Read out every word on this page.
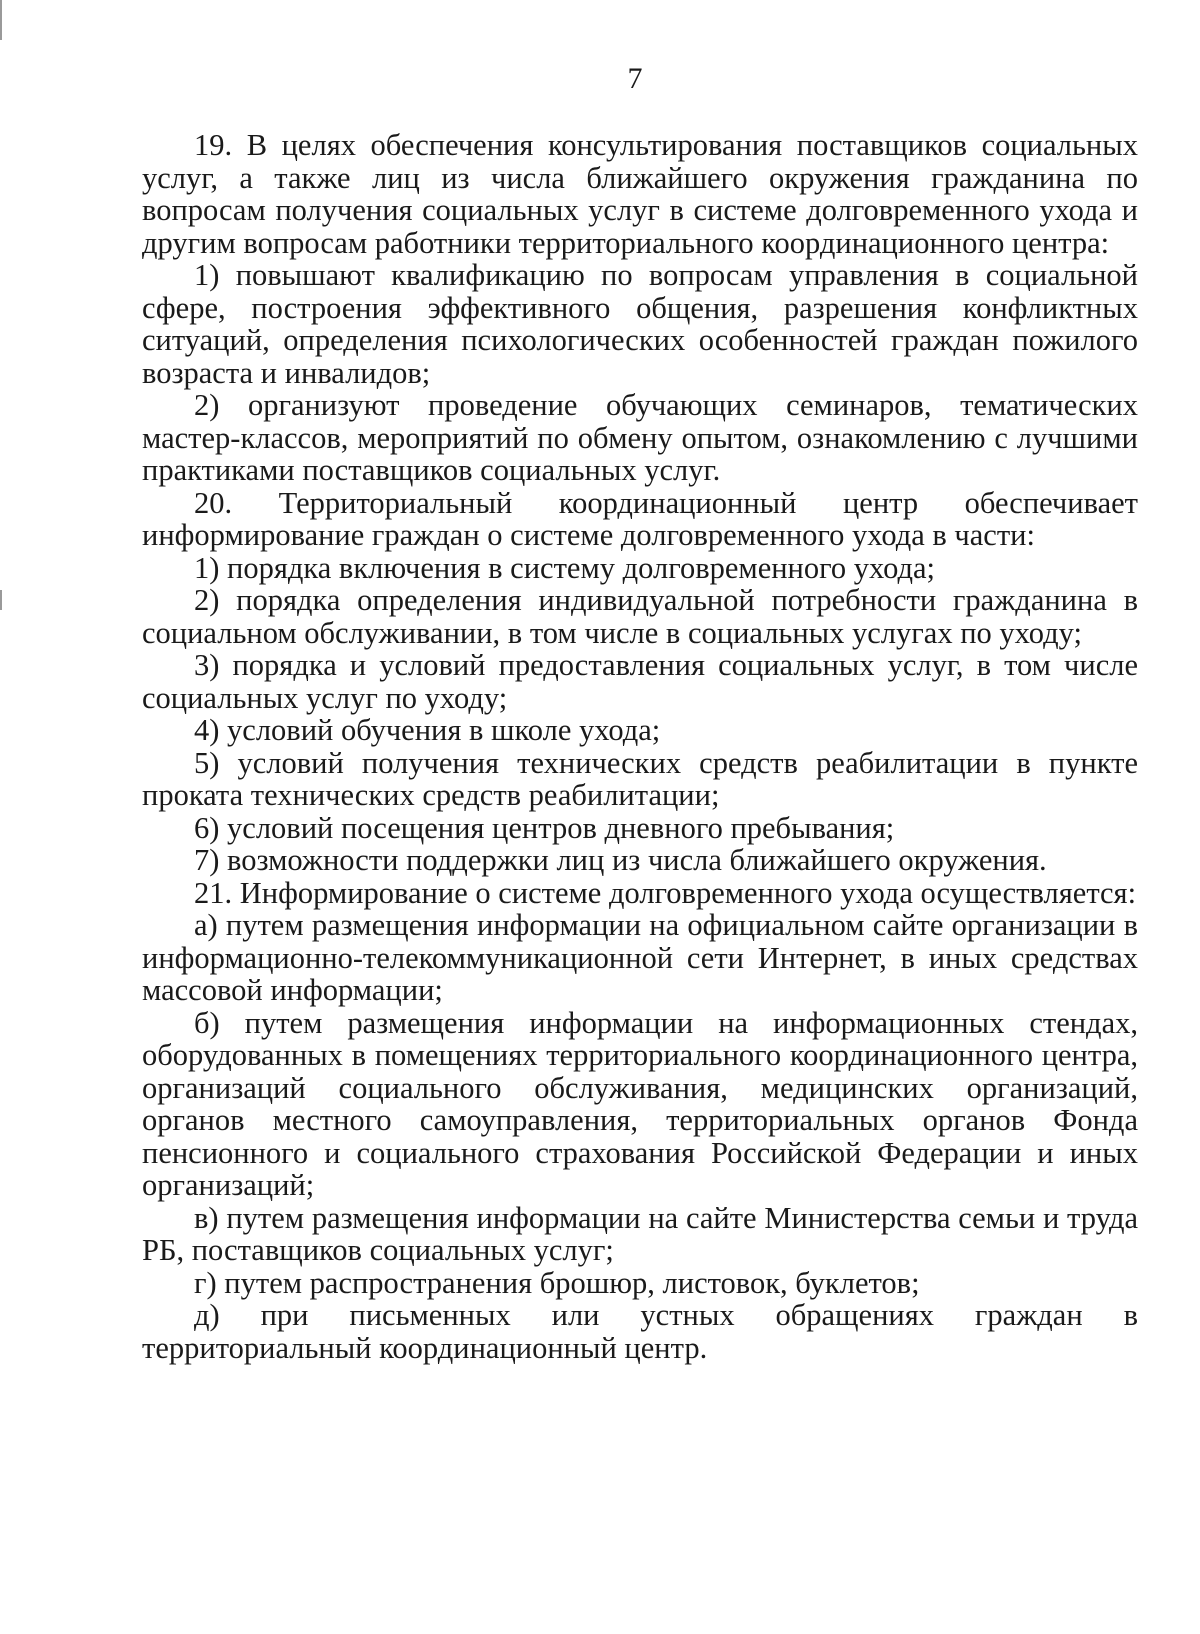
7

19. В целях обеспечения консультирования поставщиков социальных услуг, а также лиц из числа ближайшего окружения гражданина по вопросам получения социальных услуг в системе долговременного ухода и другим вопросам работники территориального координационного центра:

1) повышают квалификацию по вопросам управления в социальной сфере, построения эффективного общения, разрешения конфликтных ситуаций, определения психологических особенностей граждан пожилого возраста и инвалидов;

2) организуют проведение обучающих семинаров, тематических мастер-классов, мероприятий по обмену опытом, ознакомлению с лучшими практиками поставщиков социальных услуг.

20. Территориальный координационный центр обеспечивает информирование граждан о системе долговременного ухода в части:

1) порядка включения в систему долговременного ухода;

2) порядка определения индивидуальной потребности гражданина в социальном обслуживании, в том числе в социальных услугах по уходу;

3) порядка и условий предоставления социальных услуг, в том числе социальных услуг по уходу;

4) условий обучения в школе ухода;

5) условий получения технических средств реабилитации в пункте проката технических средств реабилитации;

6) условий посещения центров дневного пребывания;

7) возможности поддержки лиц из числа ближайшего окружения.

21. Информирование о системе долговременного ухода осуществляется:

а) путем размещения информации на официальном сайте организации в информационно-телекоммуникационной сети Интернет, в иных средствах массовой информации;

б) путем размещения информации на информационных стендах, оборудованных в помещениях территориального координационного центра, организаций социального обслуживания, медицинских организаций, органов местного самоуправления, территориальных органов Фонда пенсионного и социального страхования Российской Федерации и иных организаций;

в) путем размещения информации на сайте Министерства семьи и труда РБ, поставщиков социальных услуг;

г) путем распространения брошюр, листовок, буклетов;

д) при письменных или устных обращениях граждан в территориальный координационный центр.
